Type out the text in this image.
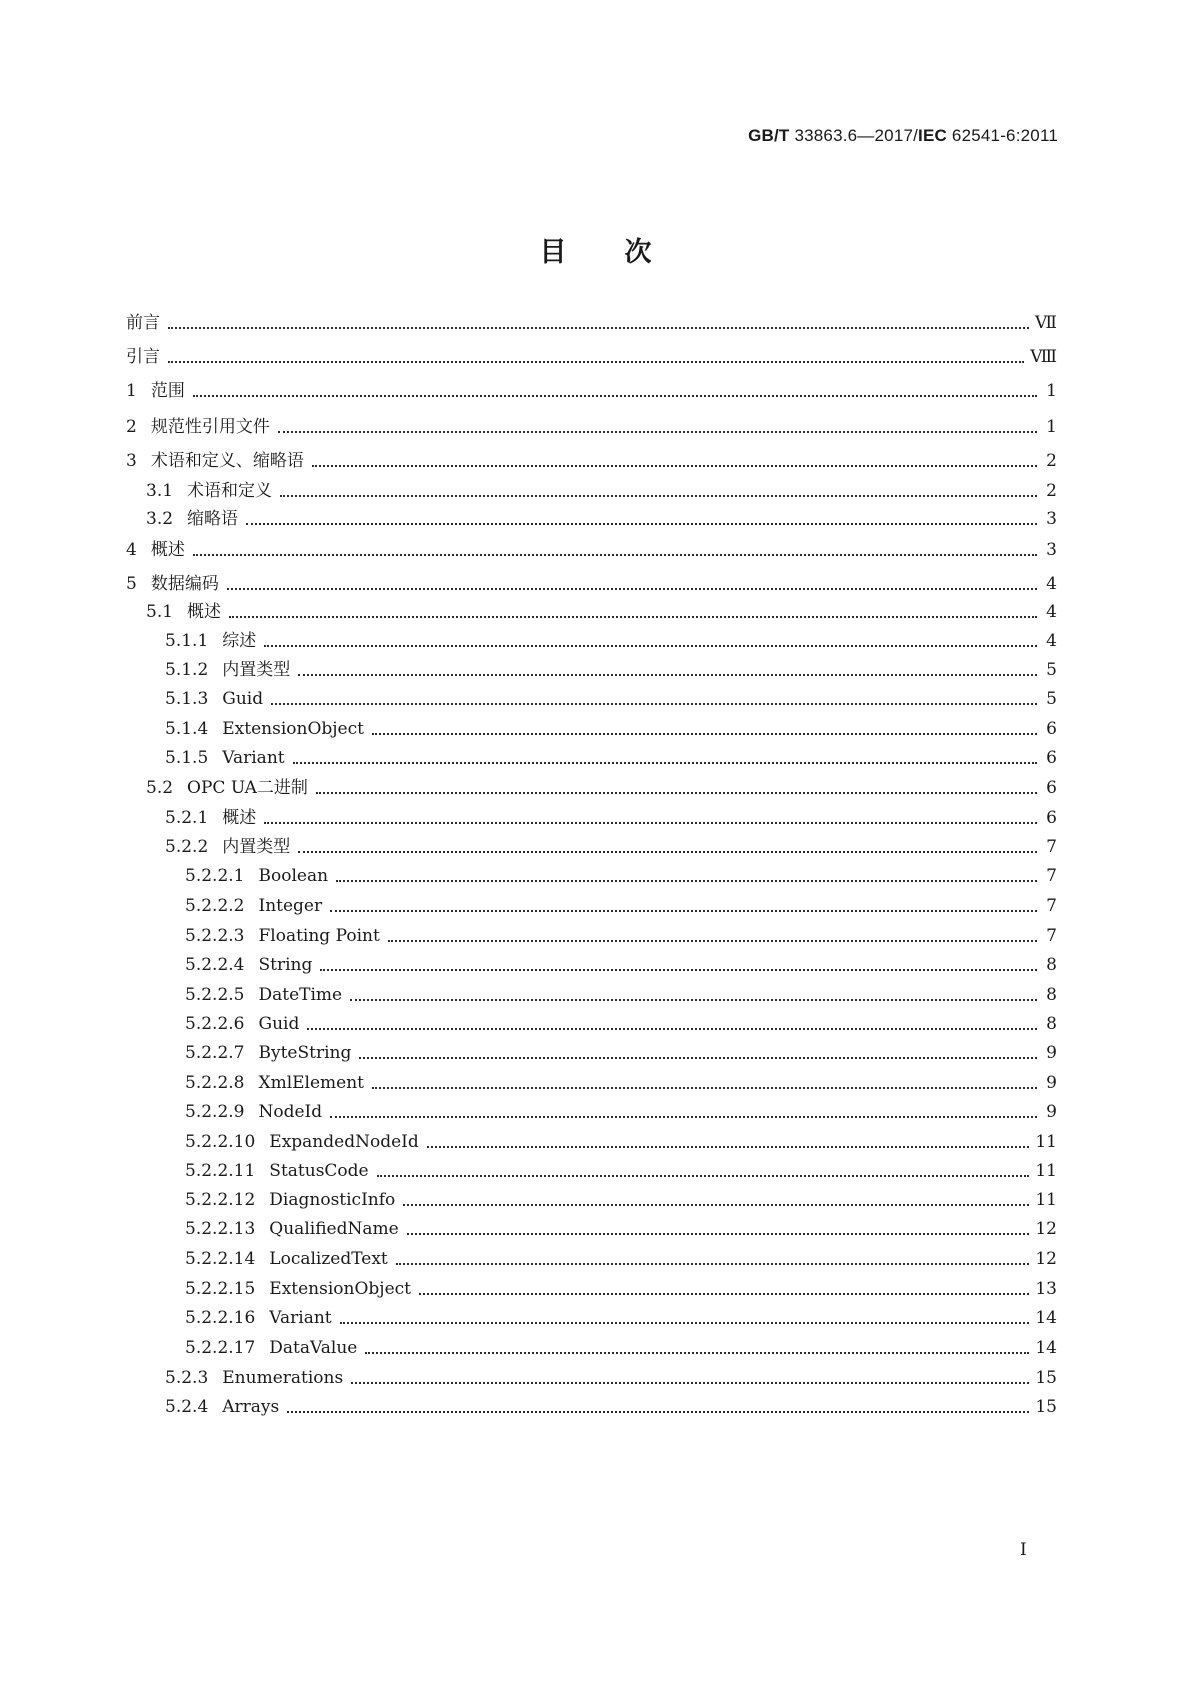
GB/T 33863.6—2017/IEC 62541-6:2011
目次
前言	Ⅶ
引言	Ⅷ
1 范围	1
2 规范性引用文件	1
3 术语和定义、缩略语	2
3.1 术语和定义	2
3.2 缩略语	3
4 概述	3
5 数据编码	4
5.1 概述	4
5.1.1 综述	4
5.1.2 内置类型	5
5.1.3 Guid	5
5.1.4 ExtensionObject	6
5.1.5 Variant	6
5.2 OPC UA二进制	6
5.2.1 概述	6
5.2.2 内置类型	7
5.2.2.1 Boolean	7
5.2.2.2 Integer	7
5.2.2.3 Floating Point	7
5.2.2.4 String	8
5.2.2.5 DateTime	8
5.2.2.6 Guid	8
5.2.2.7 ByteString	9
5.2.2.8 XmlElement	9
5.2.2.9 NodeId	9
5.2.2.10 ExpandedNodeId	11
5.2.2.11 StatusCode	11
5.2.2.12 DiagnosticInfo	11
5.2.2.13 QualifiedName	12
5.2.2.14 LocalizedText	12
5.2.2.15 ExtensionObject	13
5.2.2.16 Variant	14
5.2.2.17 DataValue	14
5.2.3 Enumerations	15
5.2.4 Arrays	15
Ⅰ
